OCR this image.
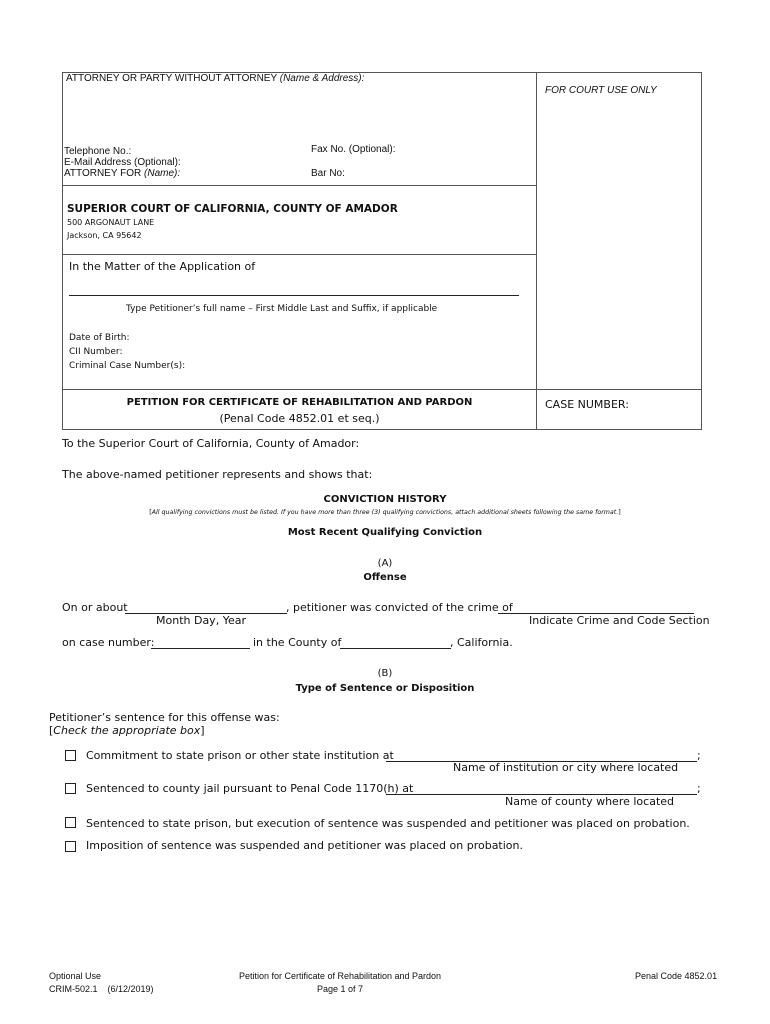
ATTORNEY OR PARTY WITHOUT ATTORNEY (Name & Address):
FOR COURT USE ONLY
Telephone No.:	Fax No. (Optional):
E-Mail Address (Optional):
ATTORNEY FOR (Name):	Bar No:
SUPERIOR COURT OF CALIFORNIA, COUNTY OF AMADOR
500 ARGONAUT LANE
Jackson, CA 95642
In the Matter of the Application of
Type Petitioner’s full name – First Middle Last and Suffix, if applicable
Date of Birth:
CII Number:
Criminal Case Number(s):
PETITION FOR CERTIFICATE OF REHABILITATION AND PARDON
(Penal Code 4852.01 et seq.)
CASE NUMBER:
To the Superior Court of California, County of Amador:
The above-named petitioner represents and shows that:
CONVICTION HISTORY
[All qualifying convictions must be listed. If you have more than three (3) qualifying convictions, attach additional sheets following the same format.]
Most Recent Qualifying Conviction
(A)
Offense
On or about	, petitioner was convicted of the crime of
Month Day, Year	Indicate Crime and Code Section
on case number:	in the County of	, California.
(B)
Type of Sentence or Disposition
Petitioner’s sentence for this offense was:
[Check the appropriate box]
Commitment to state prison or other state institution at	;
Name of institution or city where located
Sentenced to county jail pursuant to Penal Code 1170(h) at	;
Name of county where located
Sentenced to state prison, but execution of sentence was suspended and petitioner was placed on probation.
Imposition of sentence was suspended and petitioner was placed on probation.
Optional Use
CRIM-502.1    (6/12/2019)
Petition for Certificate of Rehabilitation and Pardon
Page 1 of 7
Penal Code 4852.01
